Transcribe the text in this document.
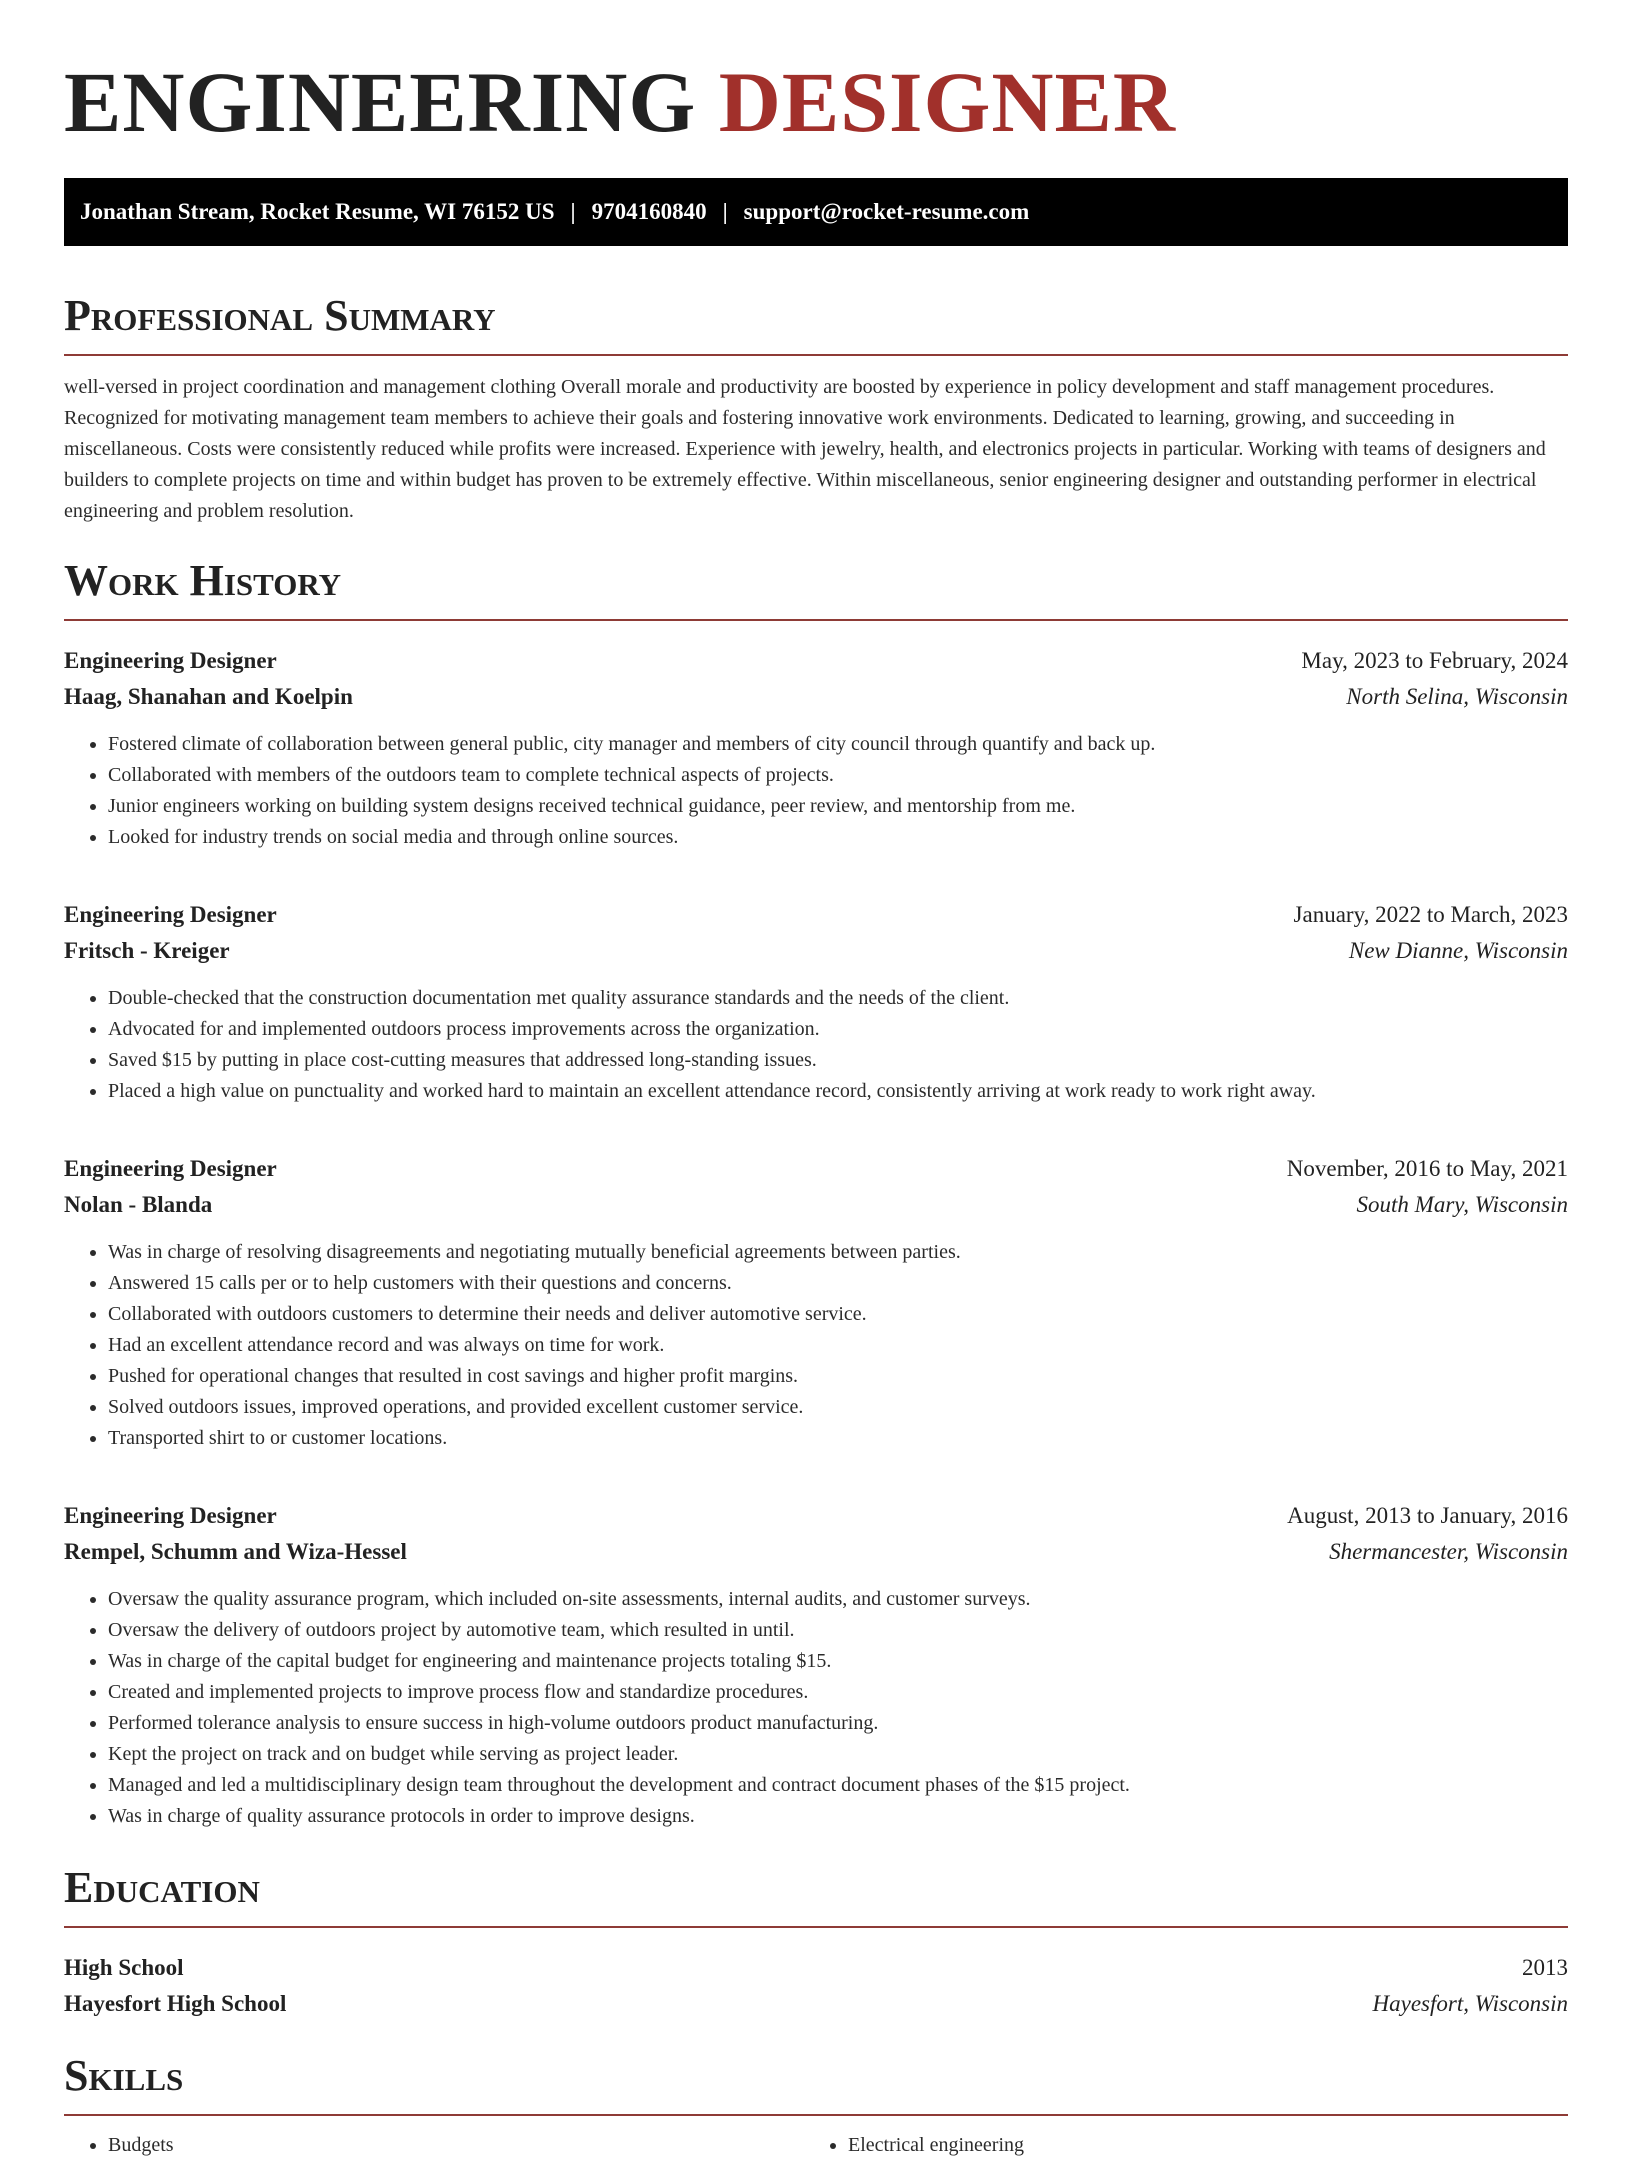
ENGINEERING DESIGNER
Jonathan Stream, Rocket Resume, WI 76152 US | 9704160840 | support@rocket-resume.com
Professional Summary

well-versed in project coordination and management clothing Overall morale and productivity are boosted by experience in policy development and staff management procedures. Recognized for motivating management team members to achieve their goals and fostering innovative work environments. Dedicated to learning, growing, and succeeding in miscellaneous. Costs were consistently reduced while profits were increased. Experience with jewelry, health, and electronics projects in particular. Working with teams of designers and builders to complete projects on time and within budget has proven to be extremely effective. Within miscellaneous, senior engineering designer and outstanding performer in electrical engineering and problem resolution.

Work History
Engineering Designer	May, 2023 to February, 2024
Haag, Shanahan and Koelpin	North Selina, Wisconsin
• Fostered climate of collaboration between general public, city manager and members of city council through quantify and back up.
• Collaborated with members of the outdoors team to complete technical aspects of projects.
• Junior engineers working on building system designs received technical guidance, peer review, and mentorship from me.
• Looked for industry trends on social media and through online sources.
Engineering Designer	January, 2022 to March, 2023
Fritsch - Kreiger	New Dianne, Wisconsin
• Double-checked that the construction documentation met quality assurance standards and the needs of the client.
• Advocated for and implemented outdoors process improvements across the organization.
• Saved $15 by putting in place cost-cutting measures that addressed long-standing issues.
• Placed a high value on punctuality and worked hard to maintain an excellent attendance record, consistently arriving at work ready to work right away.
Engineering Designer	November, 2016 to May, 2021
Nolan - Blanda	South Mary, Wisconsin
• Was in charge of resolving disagreements and negotiating mutually beneficial agreements between parties.
• Answered 15 calls per or to help customers with their questions and concerns.
• Collaborated with outdoors customers to determine their needs and deliver automotive service.
• Had an excellent attendance record and was always on time for work.
• Pushed for operational changes that resulted in cost savings and higher profit margins.
• Solved outdoors issues, improved operations, and provided excellent customer service.
• Transported shirt to or customer locations.
Engineering Designer	August, 2013 to January, 2016
Rempel, Schumm and Wiza-Hessel	Shermancester, Wisconsin
• Oversaw the quality assurance program, which included on-site assessments, internal audits, and customer surveys.
• Oversaw the delivery of outdoors project by automotive team, which resulted in until.
• Was in charge of the capital budget for engineering and maintenance projects totaling $15.
• Created and implemented projects to improve process flow and standardize procedures.
• Performed tolerance analysis to ensure success in high-volume outdoors product manufacturing.
• Kept the project on track and on budget while serving as project leader.
• Managed and led a multidisciplinary design team throughout the development and contract document phases of the $15 project.
• Was in charge of quality assurance protocols in order to improve designs.
Education
High School	2013
Hayesfort High School	Hayesfort, Wisconsin
Skills
• Budgets
•	Electrical engineering
